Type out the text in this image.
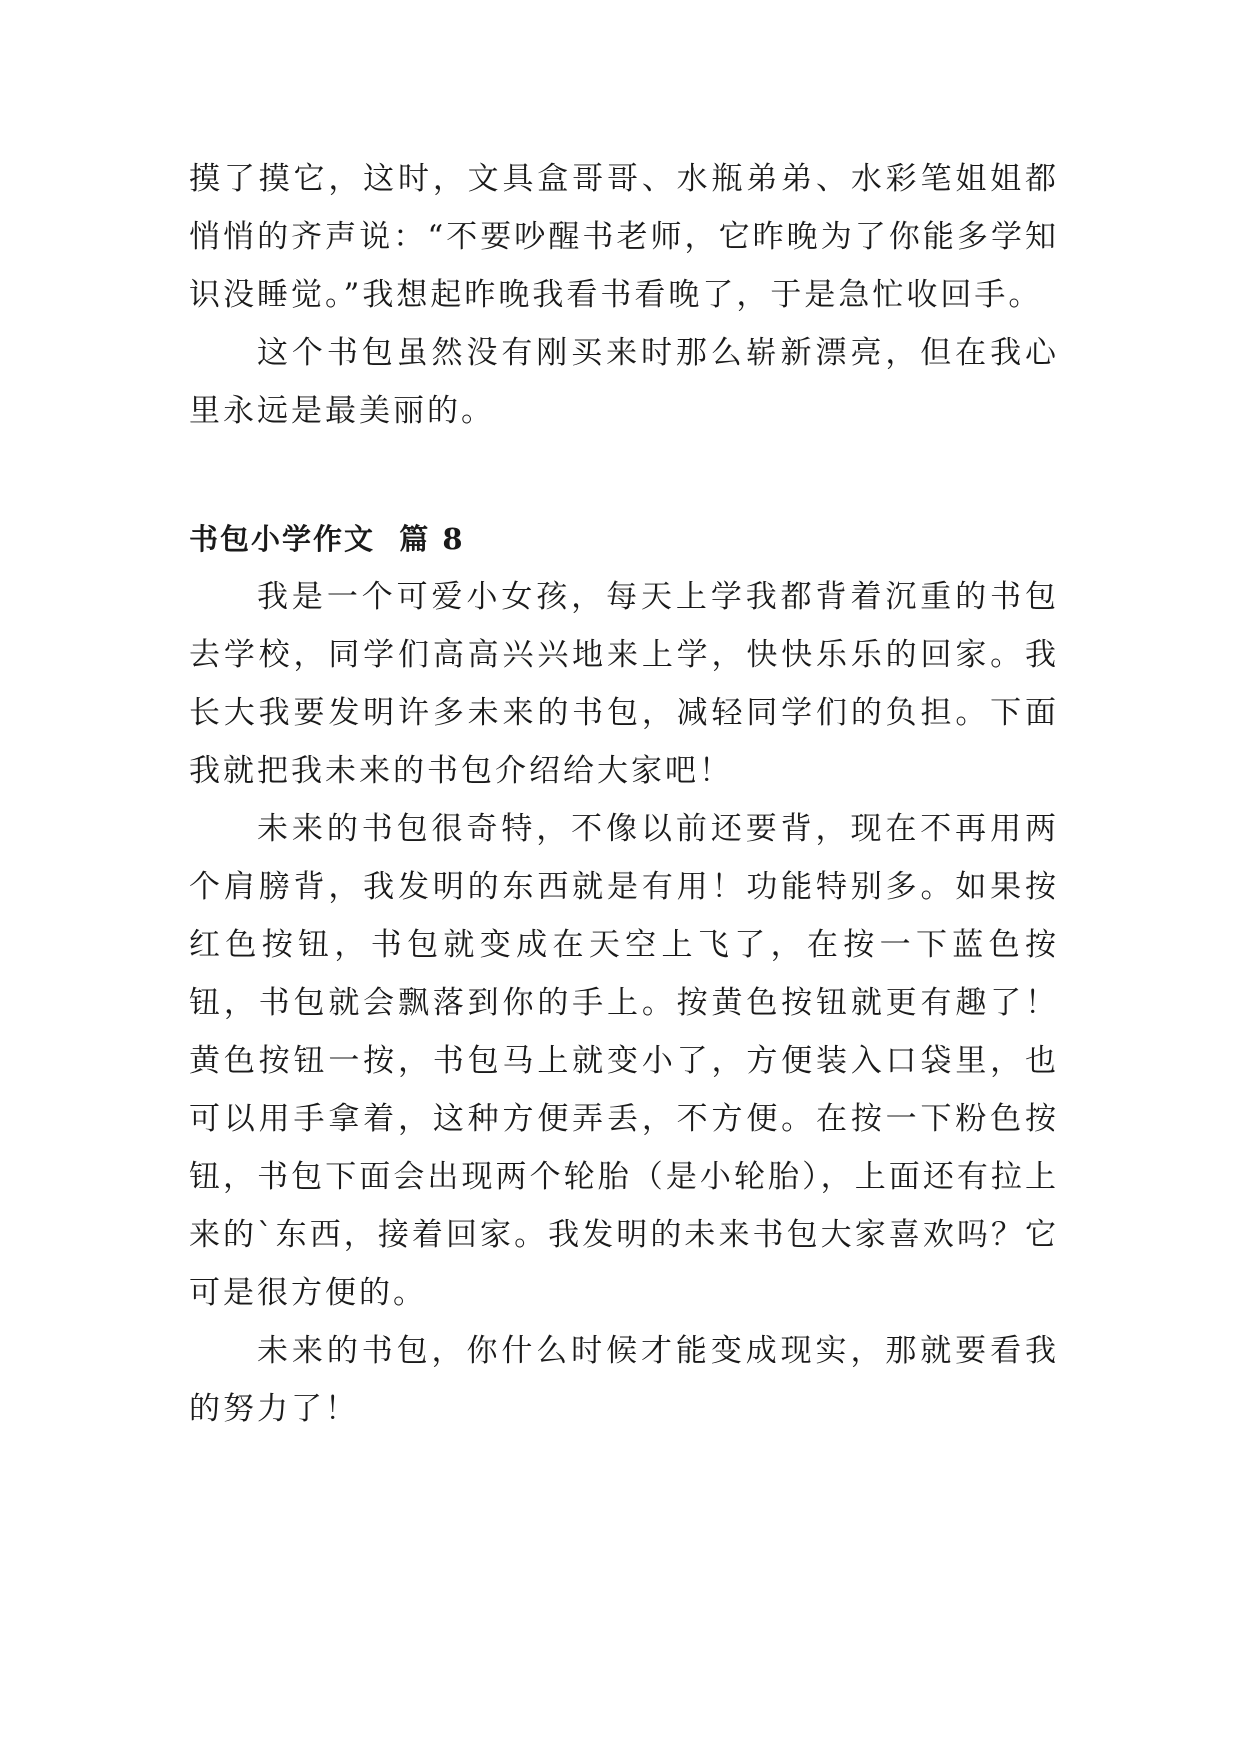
摸了摸它，这时，文具盒哥哥、水瓶弟弟、水彩笔姐姐都悄悄的齐声说：“不要吵醒书老师，它昨晚为了你能多学知识没睡觉。”我想起昨晚我看书看晚了，于是急忙收回手。

这个书包虽然没有刚买来时那么崭新漂亮，但在我心里永远是最美丽的。

书包小学作文 篇 8

我是一个可爱小女孩，每天上学我都背着沉重的书包去学校，同学们高高兴兴地来上学，快快乐乐的回家。我长大我要发明许多未来的书包，减轻同学们的负担。下面我就把我未来的书包介绍给大家吧！

未来的书包很奇特，不像以前还要背，现在不再用两个肩膀背，我发明的东西就是有用！功能特别多。如果按红色按钮，书包就变成在天空上飞了，在按一下蓝色按钮，书包就会飘落到你的手上。按黄色按钮就更有趣了！黄色按钮一按，书包马上就变小了，方便装入口袋里，也可以用手拿着，这种方便弄丢，不方便。在按一下粉色按钮，书包下面会出现两个轮胎（是小轮胎），上面还有拉上来的`东西，接着回家。我发明的未来书包大家喜欢吗？它可是很方便的。

未来的书包，你什么时候才能变成现实，那就要看我的努力了！
